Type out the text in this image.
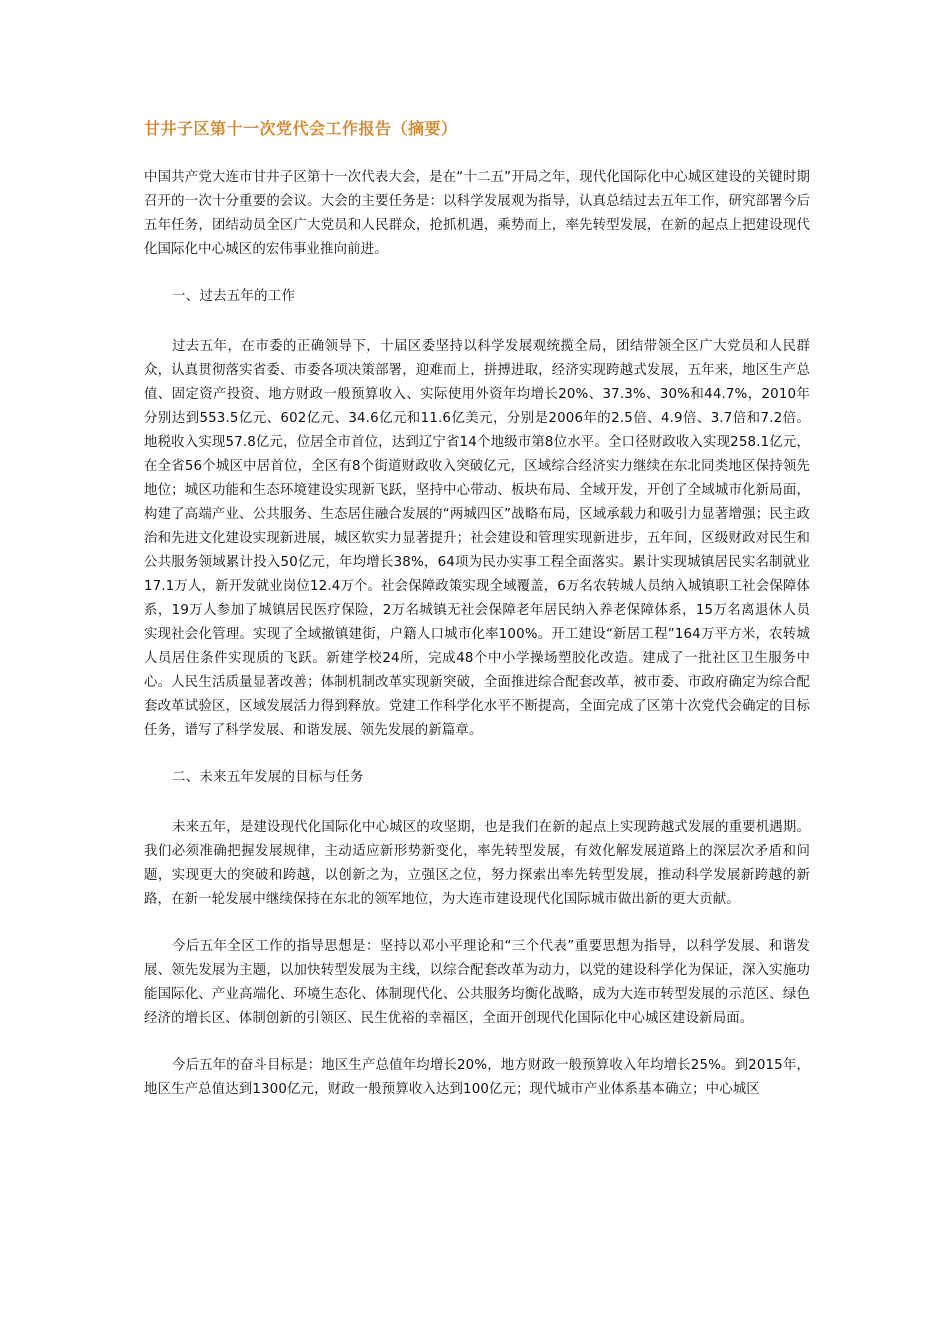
甘井子区第十一次党代会工作报告（摘要）

中国共产党大连市甘井子区第十一次代表大会，是在“十二五”开局之年，现代化国际化中心城区建设的关键时期召开的一次十分重要的会议。大会的主要任务是：以科学发展观为指导，认真总结过去五年工作，研究部署今后五年任务，团结动员全区广大党员和人民群众，抢抓机遇，乘势而上，率先转型发展，在新的起点上把建设现代化国际化中心城区的宏伟事业推向前进。

一、过去五年的工作

过去五年，在市委的正确领导下，十届区委坚持以科学发展观统揽全局，团结带领全区广大党员和人民群众，认真贯彻落实省委、市委各项决策部署，迎难而上，拼搏进取，经济实现跨越式发展，五年来，地区生产总值、固定资产投资、地方财政一般预算收入、实际使用外资年均增长20%、37.3%、30%和44.7%，2010年分别达到553.5亿元、602亿元、34.6亿元和11.6亿美元，分别是2006年的2.5倍、4.9倍、3.7倍和7.2倍。地税收入实现57.8亿元，位居全市首位，达到辽宁省14个地级市第8位水平。全口径财政收入实现258.1亿元，在全省56个城区中居首位，全区有8个街道财政收入突破亿元，区域综合经济实力继续在东北同类地区保持领先地位；城区功能和生态环境建设实现新飞跃，坚持中心带动、板块布局、全域开发，开创了全域城市化新局面，构建了高端产业、公共服务、生态居住融合发展的“两城四区”战略布局，区域承载力和吸引力显著增强；民主政治和先进文化建设实现新进展，城区软实力显著提升；社会建设和管理实现新进步，五年间，区级财政对民生和公共服务领域累计投入50亿元，年均增长38%，64项为民办实事工程全面落实。累计实现城镇居民实名制就业17.1万人，新开发就业岗位12.4万个。社会保障政策实现全域覆盖，6万名农转城人员纳入城镇职工社会保障体系，19万人参加了城镇居民医疗保险，2万名城镇无社会保障老年居民纳入养老保障体系，15万名离退休人员实现社会化管理。实现了全域撤镇建街，户籍人口城市化率100%。开工建设“新居工程”164万平方米，农转城人员居住条件实现质的飞跃。新建学校24所，完成48个中小学操场塑胶化改造。建成了一批社区卫生服务中心。人民生活质量显著改善；体制机制改革实现新突破，全面推进综合配套改革，被市委、市政府确定为综合配套改革试验区，区域发展活力得到释放。党建工作科学化水平不断提高，全面完成了区第十次党代会确定的目标任务，谱写了科学发展、和谐发展、领先发展的新篇章。

二、未来五年发展的目标与任务

未来五年，是建设现代化国际化中心城区的攻坚期，也是我们在新的起点上实现跨越式发展的重要机遇期。我们必须准确把握发展规律，主动适应新形势新变化，率先转型发展，有效化解发展道路上的深层次矛盾和问题，实现更大的突破和跨越，以创新之为，立强区之位，努力探索出率先转型发展，推动科学发展新跨越的新路，在新一轮发展中继续保持在东北的领军地位，为大连市建设现代化国际城市做出新的更大贡献。

今后五年全区工作的指导思想是：坚持以邓小平理论和“三个代表”重要思想为指导，以科学发展、和谐发展、领先发展为主题，以加快转型发展为主线，以综合配套改革为动力，以党的建设科学化为保证，深入实施功能国际化、产业高端化、环境生态化、体制现代化、公共服务均衡化战略，成为大连市转型发展的示范区、绿色经济的增长区、体制创新的引领区、民生优裕的幸福区，全面开创现代化国际化中心城区建设新局面。

今后五年的奋斗目标是：地区生产总值年均增长20%，地方财政一般预算收入年均增长25%。到2015年，地区生产总值达到1300亿元，财政一般预算收入达到100亿元；现代城市产业体系基本确立；中心城区
